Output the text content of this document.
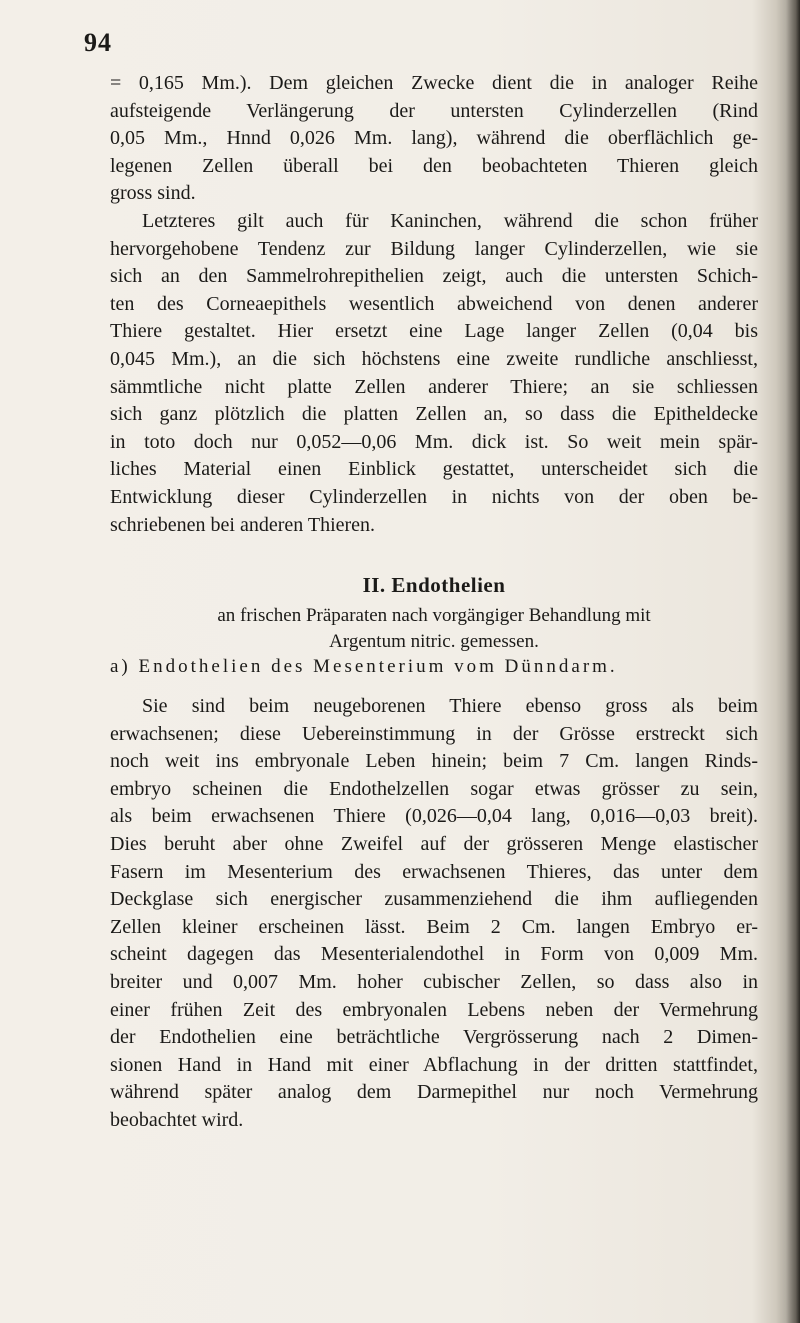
94
= 0,165 Mm.). Dem gleichen Zwecke dient die in analoger Reihe
aufsteigende Verlängerung der untersten Cylinderzellen (Rind
0,05 Mm., Hnnd 0,026 Mm. lang), während die oberflächlich ge-
legenen Zellen überall bei den beobachteten Thieren gleich
gross sind.
Letzteres gilt auch für Kaninchen, während die schon früher
hervorgehobene Tendenz zur Bildung langer Cylinderzellen, wie sie
sich an den Sammelrohrepithelien zeigt, auch die untersten Schich-
ten des Corneaepithels wesentlich abweichend von denen anderer
Thiere gestaltet. Hier ersetzt eine Lage langer Zellen (0,04 bis
0,045 Mm.), an die sich höchstens eine zweite rundliche anschliesst,
sämmtliche nicht platte Zellen anderer Thiere; an sie schliessen
sich ganz plötzlich die platten Zellen an, so dass die Epitheldecke
in toto doch nur 0,052—0,06 Mm. dick ist. So weit mein spär-
liches Material einen Einblick gestattet, unterscheidet sich die
Entwicklung dieser Cylinderzellen in nichts von der oben be-
schriebenen bei anderen Thieren.
II. Endothelien
an frischen Präparaten nach vorgängiger Behandlung mit
Argentum nitric. gemessen.
a) Endothelien des Mesenterium vom Dünndarm.
Sie sind beim neugeborenen Thiere ebenso gross als beim
erwachsenen; diese Uebereinstimmung in der Grösse erstreckt sich
noch weit ins embryonale Leben hinein; beim 7 Cm. langen Rinds-
embryo scheinen die Endothelzellen sogar etwas grösser zu sein,
als beim erwachsenen Thiere (0,026—0,04 lang, 0,016—0,03 breit).
Dies beruht aber ohne Zweifel auf der grösseren Menge elastischer
Fasern im Mesenterium des erwachsenen Thieres, das unter dem
Deckglase sich energischer zusammenziehend die ihm aufliegenden
Zellen kleiner erscheinen lässt. Beim 2 Cm. langen Embryo er-
scheint dagegen das Mesenterialendothel in Form von 0,009 Mm.
breiter und 0,007 Mm. hoher cubischer Zellen, so dass also in
einer frühen Zeit des embryonalen Lebens neben der Vermehrung
der Endothelien eine beträchtliche Vergrösserung nach 2 Dimen-
sionen Hand in Hand mit einer Abflachung in der dritten stattfindet,
während später analog dem Darmepithel nur noch Vermehrung
beobachtet wird.
